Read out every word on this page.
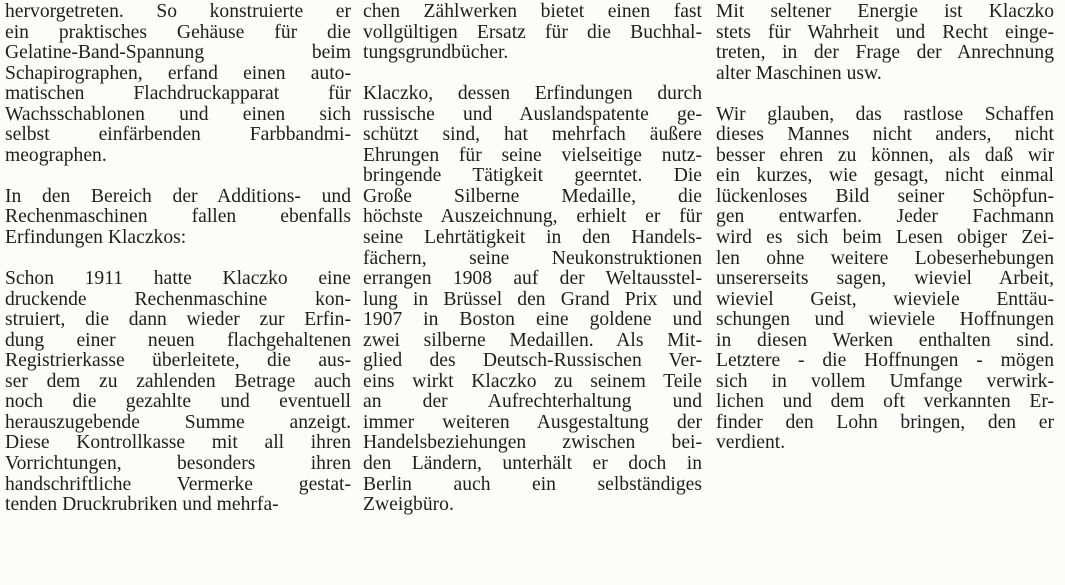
hervorgetreten. So konstruierte er
ein praktisches Gehäuse für die
Gelatine-Band-Spannung beim
Schapirographen, erfand einen auto-
matischen Flachdruckapparat für
Wachsschablonen und einen sich
selbst einfärbenden Farbbandmi-
meographen.
In den Bereich der Additions- und
Rechenmaschinen fallen ebenfalls
Erfindungen Klaczkos:
Schon 1911 hatte Klaczko eine
druckende Rechenmaschine kon-
struiert, die dann wieder zur Erfin-
dung einer neuen flachgehaltenen
Registrierkasse überleitete, die aus-
ser dem zu zahlenden Betrage auch
noch die gezahlte und eventuell
herauszugebende Summe anzeigt.
Diese Kontrollkasse mit all ihren
Vorrichtungen, besonders ihren
handschriftliche Vermerke gestat-
tenden Druckrubriken und mehrfa-
chen Zählwerken bietet einen fast
vollgültigen Ersatz für die Buchhal-
tungsgrundbücher.
Klaczko, dessen Erfindungen durch
russische und Auslandspatente ge-
schützt sind, hat mehrfach äußere
Ehrungen für seine vielseitige nutz-
bringende Tätigkeit geerntet. Die
Große Silberne Medaille, die
höchste Auszeichnung, erhielt er für
seine Lehrtätigkeit in den Handels-
fächern, seine Neukonstruktionen
errangen 1908 auf der Weltausstel-
lung in Brüssel den Grand Prix und
1907 in Boston eine goldene und
zwei silberne Medaillen. Als Mit-
glied des Deutsch-Russischen Ver-
eins wirkt Klaczko zu seinem Teile
an der Aufrechterhaltung und
immer weiteren Ausgestaltung der
Handelsbeziehungen zwischen bei-
den Ländern, unterhält er doch in
Berlin auch ein selbständiges
Zweigbüro.
Mit seltener Energie ist Klaczko
stets für Wahrheit und Recht einge-
treten, in der Frage der Anrechnung
alter Maschinen usw.
Wir glauben, das rastlose Schaffen
dieses Mannes nicht anders, nicht
besser ehren zu können, als daß wir
ein kurzes, wie gesagt, nicht einmal
lückenloses Bild seiner Schöpfun-
gen entwarfen. Jeder Fachmann
wird es sich beim Lesen obiger Zei-
len ohne weitere Lobeserhebungen
unsererseits sagen, wieviel Arbeit,
wieviel Geist, wieviele Enttäu-
schungen und wieviele Hoffnungen
in diesen Werken enthalten sind.
Letztere - die Hoffnungen - mögen
sich in vollem Umfange verwirk-
lichen und dem oft verkannten Er-
finder den Lohn bringen, den er
verdient.
